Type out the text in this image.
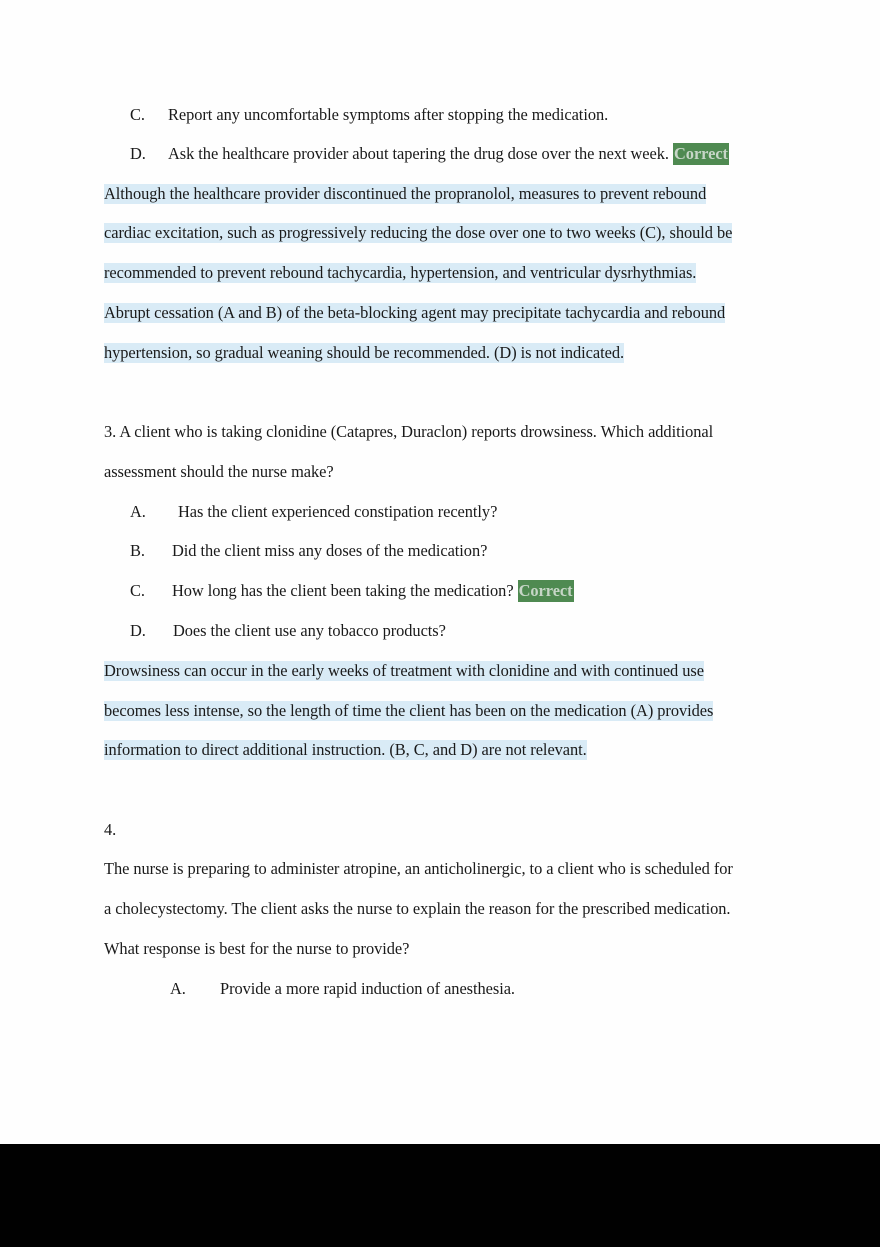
C. Report any uncomfortable symptoms after stopping the medication.
D. Ask the healthcare provider about tapering the drug dose over the next week. Correct
Although the healthcare provider discontinued the propranolol, measures to prevent rebound
cardiac excitation, such as progressively reducing the dose over one to two weeks (C), should be
recommended to prevent rebound tachycardia, hypertension, and ventricular dysrhythmias.
Abrupt cessation (A and B) of the beta-blocking agent may precipitate tachycardia and rebound
hypertension, so gradual weaning should be recommended. (D) is not indicated.
3. A client who is taking clonidine (Catapres, Duraclon) reports drowsiness. Which additional
assessment should the nurse make?
A. Has the client experienced constipation recently?
B. Did the client miss any doses of the medication?
C. How long has the client been taking the medication? Correct
D. Does the client use any tobacco products?
Drowsiness can occur in the early weeks of treatment with clonidine and with continued use
becomes less intense, so the length of time the client has been on the medication (A) provides
information to direct additional instruction. (B, C, and D) are not relevant.
4.
The nurse is preparing to administer atropine, an anticholinergic, to a client who is scheduled for
a cholecystectomy. The client asks the nurse to explain the reason for the prescribed medication.
What response is best for the nurse to provide?
A. Provide a more rapid induction of anesthesia.
